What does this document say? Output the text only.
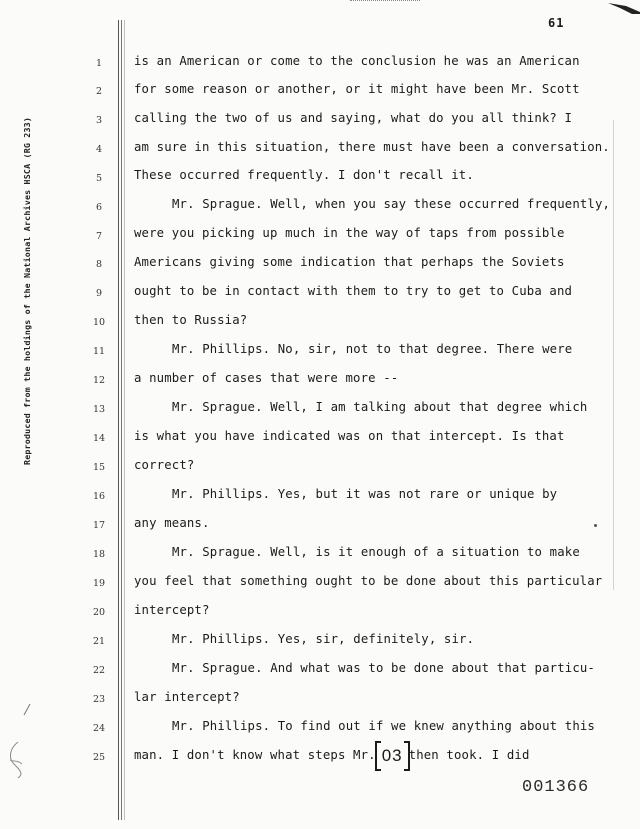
61
Reproduced from the holdings of the National Archives HSCA (RG 233)
1	is an American or come to the conclusion he was an American
2	for some reason or another, or it might have been Mr. Scott
3	calling the two of us and saying, what do you all think? I
4	am sure in this situation, there must have been a conversation.
5	These occurred frequently. I don't recall it.
6	Mr. Sprague. Well, when you say these occurred frequently,
7	were you picking up much in the way of taps from possible
8	Americans giving some indication that perhaps the Soviets
9	ought to be in contact with them to try to get to Cuba and
10	then to Russia?
11	Mr. Phillips. No, sir, not to that degree. There were
12	a number of cases that were more --
13	Mr. Sprague. Well, I am talking about that degree which
14	is what you have indicated was on that intercept. Is that
15	correct?
16	Mr. Phillips. Yes, but it was not rare or unique by
17	any means.
18	Mr. Sprague. Well, is it enough of a situation to make
19	you feel that something ought to be done about this particular
20	intercept?
21	Mr. Phillips. Yes, sir, definitely, sir.
22	Mr. Sprague. And what was to be done about that particu-
23	lar intercept?
24	Mr. Phillips. To find out if we knew anything about this
25	man. I don't know what steps Mr. 03 then took. I did
001366
